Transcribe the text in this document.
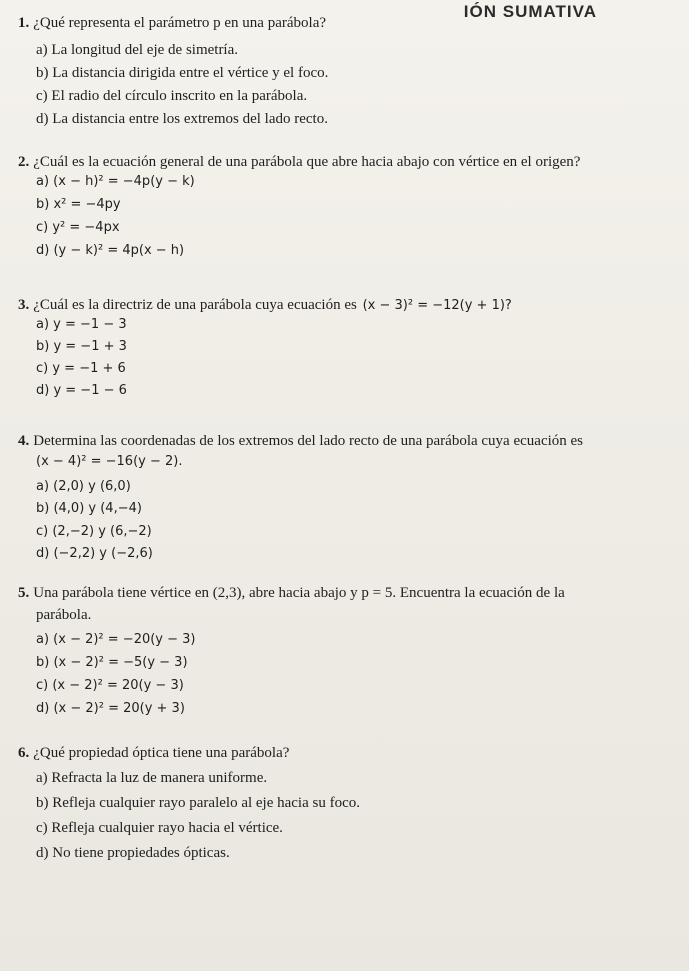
IÓN SUMATIVA
1. ¿Qué representa el parámetro p en una parábola?
a) La longitud del eje de simetría.
b) La distancia dirigida entre el vértice y el foco.
c) El radio del círculo inscrito en la parábola.
d) La distancia entre los extremos del lado recto.
2. ¿Cuál es la ecuación general de una parábola que abre hacia abajo con vértice en el origen?
a) (x − h)² = −4p(y − k)
b) x² = −4py
c) y² = −4px
d) (y − k)² = 4p(x − h)
3. ¿Cuál es la directriz de una parábola cuya ecuación es (x − 3)² = −12(y + 1)?
a) y = −1 − 3
b) y = −1 + 3
c) y = −1 + 6
d) y = −1 − 6
4. Determina las coordenadas de los extremos del lado recto de una parábola cuya ecuación es
(x − 4)² = −16(y − 2).
a) (2,0) y (6,0)
b) (4,0) y (4,−4)
c) (2,−2) y (6,−2)
d) (−2,2) y (−2,6)
5. Una parábola tiene vértice en (2,3), abre hacia abajo y p = 5. Encuentra la ecuación de la
parábola.
a) (x − 2)² = −20(y − 3)
b) (x − 2)² = −5(y − 3)
c) (x − 2)² = 20(y − 3)
d) (x − 2)² = 20(y + 3)
6. ¿Qué propiedad óptica tiene una parábola?
a) Refracta la luz de manera uniforme.
b) Refleja cualquier rayo paralelo al eje hacia su foco.
c) Refleja cualquier rayo hacia el vértice.
d) No tiene propiedades ópticas.
